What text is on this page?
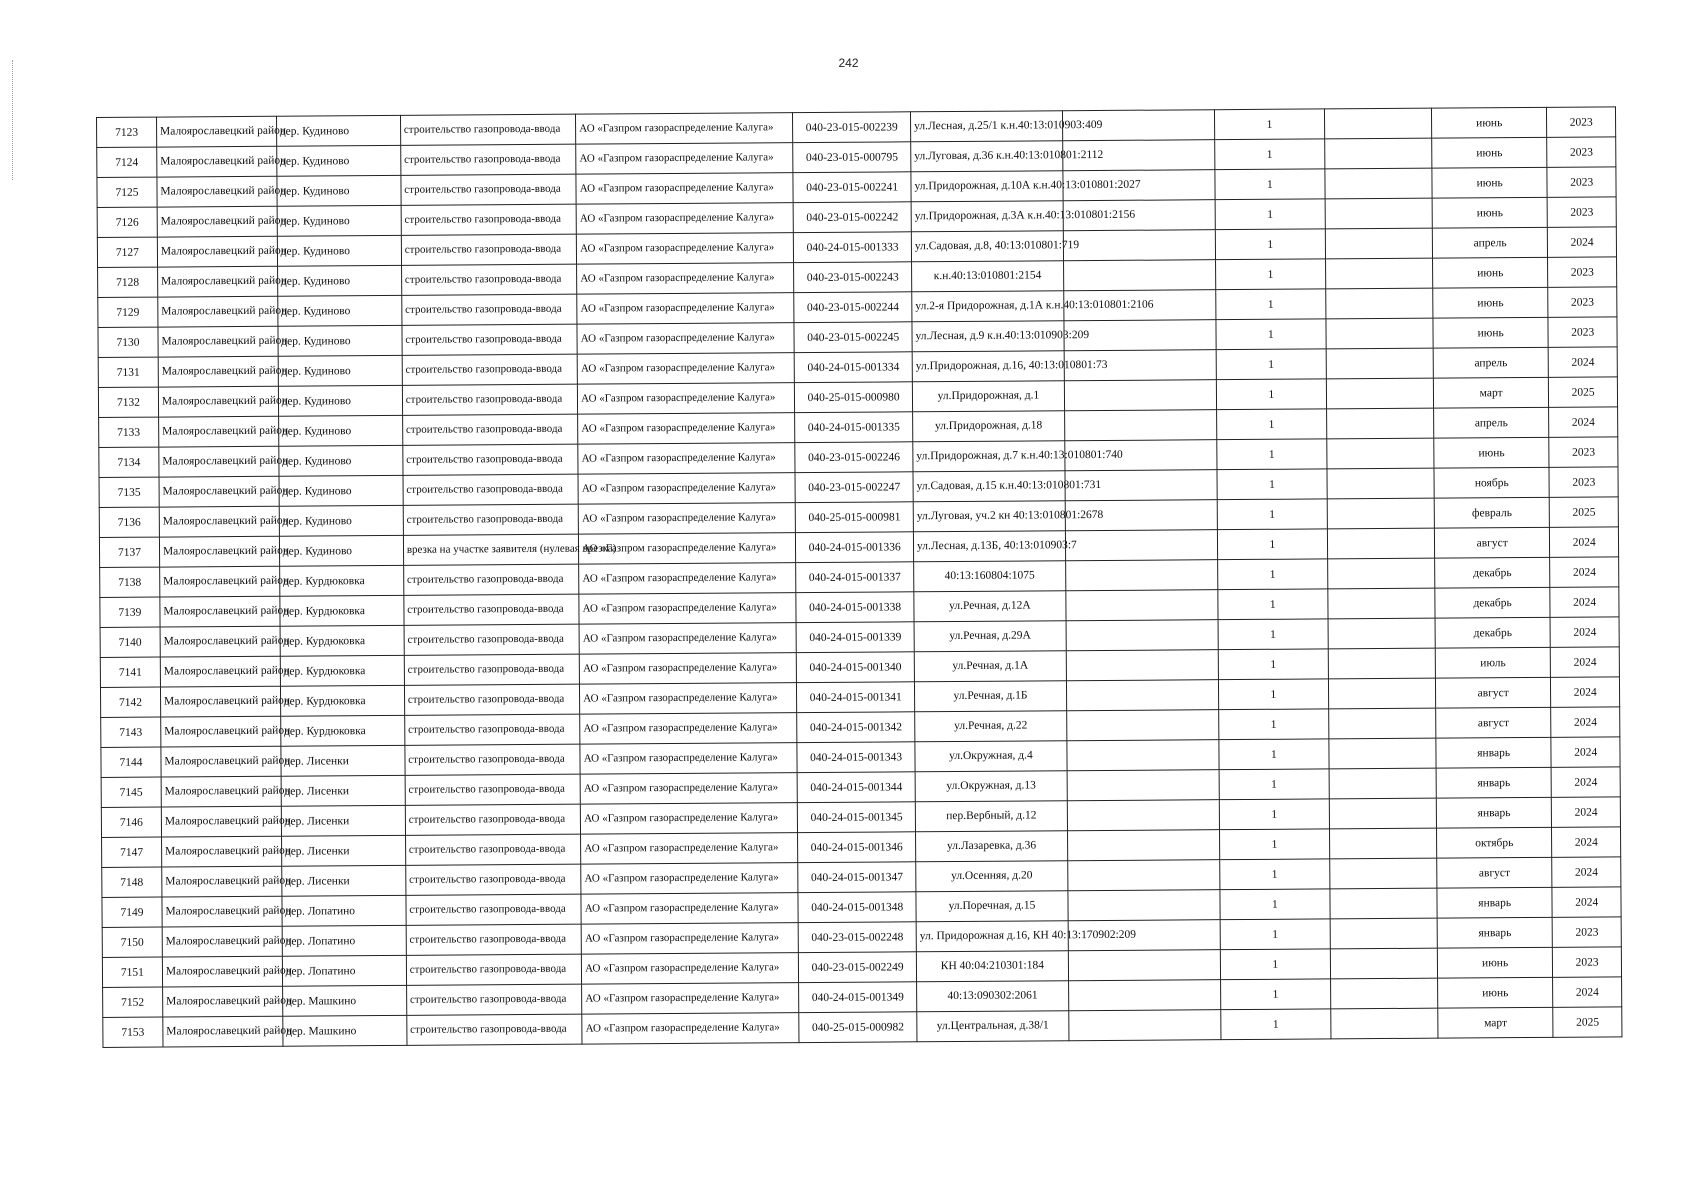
242
7123	Малоярославецкий район	дер. Кудиново	строительство газопровода-ввода	АО «Газпром газораспределение Калуга»	040-23-015-002239	ул.Лесная, д.25/1 к.н.40:13:010903:409		1		июнь	2023
7124	Малоярославецкий район	дер. Кудиново	строительство газопровода-ввода	АО «Газпром газораспределение Калуга»	040-23-015-000795	ул.Луговая, д.36 к.н.40:13:010801:2112		1		июнь	2023
7125	Малоярославецкий район	дер. Кудиново	строительство газопровода-ввода	АО «Газпром газораспределение Калуга»	040-23-015-002241	ул.Придорожная, д.10А к.н.40:13:010801:2027		1		июнь	2023
7126	Малоярославецкий район	дер. Кудиново	строительство газопровода-ввода	АО «Газпром газораспределение Калуга»	040-23-015-002242	ул.Придорожная, д.3А к.н.40:13:010801:2156		1		июнь	2023
7127	Малоярославецкий район	дер. Кудиново	строительство газопровода-ввода	АО «Газпром газораспределение Калуга»	040-24-015-001333	ул.Садовая, д.8, 40:13:010801:719		1		апрель	2024
7128	Малоярославецкий район	дер. Кудиново	строительство газопровода-ввода	АО «Газпром газораспределение Калуга»	040-23-015-002243	к.н.40:13:010801:2154		1		июнь	2023
7129	Малоярославецкий район	дер. Кудиново	строительство газопровода-ввода	АО «Газпром газораспределение Калуга»	040-23-015-002244	ул.2-я Придорожная, д.1А к.н.40:13:010801:2106		1		июнь	2023
7130	Малоярославецкий район	дер. Кудиново	строительство газопровода-ввода	АО «Газпром газораспределение Калуга»	040-23-015-002245	ул.Лесная, д.9 к.н.40:13:010903:209		1		июнь	2023
7131	Малоярославецкий район	дер. Кудиново	строительство газопровода-ввода	АО «Газпром газораспределение Калуга»	040-24-015-001334	ул.Придорожная, д.16, 40:13:010801:73		1		апрель	2024
7132	Малоярославецкий район	дер. Кудиново	строительство газопровода-ввода	АО «Газпром газораспределение Калуга»	040-25-015-000980	ул.Придорожная, д.1		1		март	2025
7133	Малоярославецкий район	дер. Кудиново	строительство газопровода-ввода	АО «Газпром газораспределение Калуга»	040-24-015-001335	ул.Придорожная, д.18		1		апрель	2024
7134	Малоярославецкий район	дер. Кудиново	строительство газопровода-ввода	АО «Газпром газораспределение Калуга»	040-23-015-002246	ул.Придорожная, д.7 к.н.40:13:010801:740		1		июнь	2023
7135	Малоярославецкий район	дер. Кудиново	строительство газопровода-ввода	АО «Газпром газораспределение Калуга»	040-23-015-002247	ул.Садовая, д.15 к.н.40:13:010801:731		1		ноябрь	2023
7136	Малоярославецкий район	дер. Кудиново	строительство газопровода-ввода	АО «Газпром газораспределение Калуга»	040-25-015-000981	ул.Луговая, уч.2 кн 40:13:010801:2678		1		февраль	2025
7137	Малоярославецкий район	дер. Кудиново	врезка на участке заявителя (нулевая врезка)	АО «Газпром газораспределение Калуга»	040-24-015-001336	ул.Лесная, д.13Б, 40:13:010903:7		1		август	2024
7138	Малоярославецкий район	дер. Курдюковка	строительство газопровода-ввода	АО «Газпром газораспределение Калуга»	040-24-015-001337	40:13:160804:1075		1		декабрь	2024
7139	Малоярославецкий район	дер. Курдюковка	строительство газопровода-ввода	АО «Газпром газораспределение Калуга»	040-24-015-001338	ул.Речная, д.12А		1		декабрь	2024
7140	Малоярославецкий район	дер. Курдюковка	строительство газопровода-ввода	АО «Газпром газораспределение Калуга»	040-24-015-001339	ул.Речная, д.29А		1		декабрь	2024
7141	Малоярославецкий район	дер. Курдюковка	строительство газопровода-ввода	АО «Газпром газораспределение Калуга»	040-24-015-001340	ул.Речная, д.1А		1		июль	2024
7142	Малоярославецкий район	дер. Курдюковка	строительство газопровода-ввода	АО «Газпром газораспределение Калуга»	040-24-015-001341	ул.Речная, д.1Б		1		август	2024
7143	Малоярославецкий район	дер. Курдюковка	строительство газопровода-ввода	АО «Газпром газораспределение Калуга»	040-24-015-001342	ул.Речная, д.22		1		август	2024
7144	Малоярославецкий район	дер. Лисенки	строительство газопровода-ввода	АО «Газпром газораспределение Калуга»	040-24-015-001343	ул.Окружная, д.4		1		январь	2024
7145	Малоярославецкий район	дер. Лисенки	строительство газопровода-ввода	АО «Газпром газораспределение Калуга»	040-24-015-001344	ул.Окружная, д.13		1		январь	2024
7146	Малоярославецкий район	дер. Лисенки	строительство газопровода-ввода	АО «Газпром газораспределение Калуга»	040-24-015-001345	пер.Вербный, д.12		1		январь	2024
7147	Малоярославецкий район	дер. Лисенки	строительство газопровода-ввода	АО «Газпром газораспределение Калуга»	040-24-015-001346	ул.Лазаревка, д.36		1		октябрь	2024
7148	Малоярославецкий район	дер. Лисенки	строительство газопровода-ввода	АО «Газпром газораспределение Калуга»	040-24-015-001347	ул.Осенняя, д.20		1		август	2024
7149	Малоярославецкий район	дер. Лопатино	строительство газопровода-ввода	АО «Газпром газораспределение Калуга»	040-24-015-001348	ул.Поречная, д.15		1		январь	2024
7150	Малоярославецкий район	дер. Лопатино	строительство газопровода-ввода	АО «Газпром газораспределение Калуга»	040-23-015-002248	ул. Придорожная д.16, КН 40:13:170902:209		1		январь	2023
7151	Малоярославецкий район	дер. Лопатино	строительство газопровода-ввода	АО «Газпром газораспределение Калуга»	040-23-015-002249	КН 40:04:210301:184		1		июнь	2023
7152	Малоярославецкий район	дер. Машкино	строительство газопровода-ввода	АО «Газпром газораспределение Калуга»	040-24-015-001349	40:13:090302:2061		1		июнь	2024
7153	Малоярославецкий район	дер. Машкино	строительство газопровода-ввода	АО «Газпром газораспределение Калуга»	040-25-015-000982	ул.Центральная, д.38/1		1		март	2025
